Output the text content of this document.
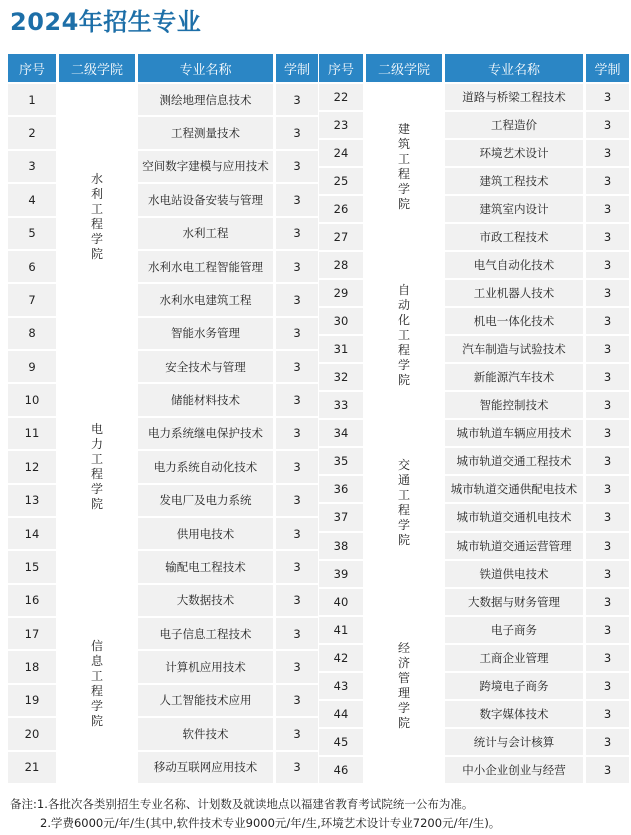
2024年招生专业
序号	二级学院	专业名称	学制
1	水利工程学院	测绘地理信息技术	3
2		工程测量技术	3
3		空间数字建模与应用技术	3
4		水电站设备安装与管理	3
5		水利工程	3
6		水利水电工程智能管理	3
7		水利水电建筑工程	3
8		智能水务管理	3
9	电力工程学院	安全技术与管理	3
10		储能材料技术	3
11		电力系统继电保护技术	3
12		电力系统自动化技术	3
13		发电厂及电力系统	3
14		供用电技术	3
15		输配电工程技术	3
16	信息工程学院	大数据技术	3
17		电子信息工程技术	3
18		计算机应用技术	3
19		人工智能技术应用	3
20		软件技术	3
21		移动互联网应用技术	3
序号	二级学院	专业名称	学制
22	建筑工程学院	道路与桥梁工程技术	3
23		工程造价	3
24		环境艺术设计	3
25		建筑工程技术	3
26		建筑室内设计	3
27		市政工程技术	3
28	自动化工程学院	电气自动化技术	3
29		工业机器人技术	3
30		机电一体化技术	3
31		汽车制造与试验技术	3
32		新能源汽车技术	3
33		智能控制技术	3
34	交通工程学院	城市轨道车辆应用技术	3
35		城市轨道交通工程技术	3
36		城市轨道交通供配电技术	3
37		城市轨道交通机电技术	3
38		城市轨道交通运营管理	3
39		铁道供电技术	3
40	经济管理学院	大数据与财务管理	3
41		电子商务	3
42		工商企业管理	3
43		跨境电子商务	3
44		数字媒体技术	3
45		统计与会计核算	3
46		中小企业创业与经营	3
备注:1.各批次各类别招生专业名称、计划数及就读地点以福建省教育考试院统一公布为准。
2.学费6000元/年/生(其中,软件技术专业9000元/年/生,环境艺术设计专业7200元/年/生)。
